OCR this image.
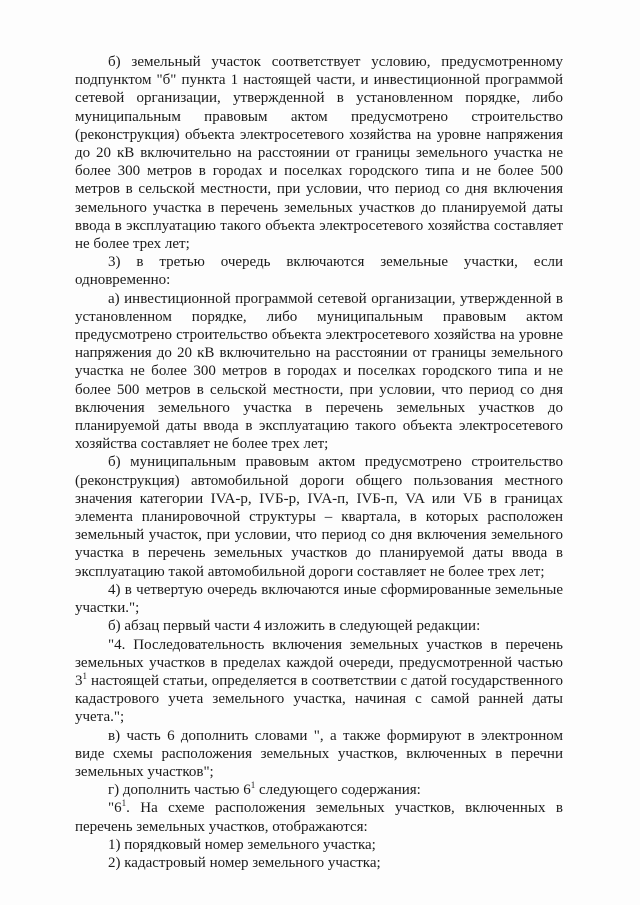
б) земельный участок соответствует условию, предусмотренному подпунктом "б" пункта 1 настоящей части, и инвестиционной программой сетевой организации, утвержденной в установленном порядке, либо муниципальным правовым актом предусмотрено строительство (реконструкция) объекта электросетевого хозяйства на уровне напряжения до 20 кВ включительно на расстоянии от границы земельного участка не более 300 метров в городах и поселках городского типа и не более 500 метров в сельской местности, при условии, что период со дня включения земельного участка в перечень земельных участков до планируемой даты ввода в эксплуатацию такого объекта электросетевого хозяйства составляет не более трех лет;

3) в третью очередь включаются земельные участки, если одновременно:

а) инвестиционной программой сетевой организации, утвержденной в установленном порядке, либо муниципальным правовым актом предусмотрено строительство объекта электросетевого хозяйства на уровне напряжения до 20 кВ включительно на расстоянии от границы земельного участка не более 300 метров в городах и поселках городского типа и не более 500 метров в сельской местности, при условии, что период со дня включения земельного участка в перечень земельных участков до планируемой даты ввода в эксплуатацию такого объекта электросетевого хозяйства составляет не более трех лет;

б) муниципальным правовым актом предусмотрено строительство (реконструкция) автомобильной дороги общего пользования местного значения категории IVA-р, IVБ-р, IVA-п, IVБ-п, VA или VБ в границах элемента планировочной структуры – квартала, в которых расположен земельный участок, при условии, что период со дня включения земельного участка в перечень земельных участков до планируемой даты ввода в эксплуатацию такой автомобильной дороги составляет не более трех лет;

4) в четвертую очередь включаются иные сформированные земельные участки.";

б) абзац первый части 4 изложить в следующей редакции:

"4. Последовательность включения земельных участков в перечень земельных участков в пределах каждой очереди, предусмотренной частью $3^1$ настоящей статьи, определяется в соответствии с датой государственного кадастрового учета земельного участка, начиная с самой ранней даты учета.";

в) часть 6 дополнить словами ", а также формируют в электронном виде схемы расположения земельных участков, включенных в перечни земельных участков";

г) дополнить частью $6^1$ следующего содержания:

"$6^1$. На схеме расположения земельных участков, включенных в перечень земельных участков, отображаются:

1) порядковый номер земельного участка;

2) кадастровый номер земельного участка;
